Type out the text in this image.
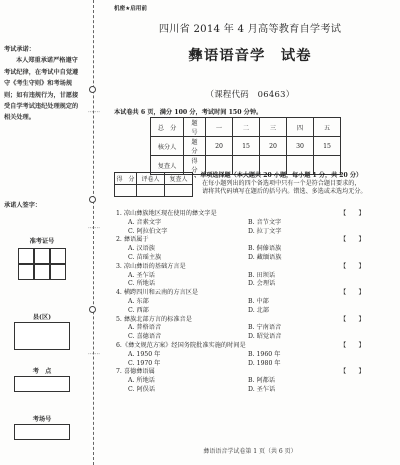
考试承诺：
本人郑重承诺严格遵守考试纪律，在考试中自觉遵守《考生守则》和考场规则；如有违规行为，甘愿接受自学考试违纪处理规定的相关处理。
承诺人签字：
准考证号
县(区)
考　点
考场号
·······
·······
·······
机密★启用前
四川省 2014 年 4 月高等教育自学考试
彝语语音学　试卷
（课程代码　06463）
本试卷共 6 页，满分 100 分，考试时间 150 分钟。
总　分	题　号	一	二	三	四	五
核分人	题　分	20	15	20	30	15
复查人	得　分					
得　分	评卷人	复查人

一、单项选择题（本大题共 20 小题，每小题 1 分，共 20 分）
在每小题列出的四个备选项中只有一个是符合题目要求的，
请将其代码填写在题后的括号内。错选、多选或未选均无分。
1. 凉山彝族地区现在使用的彝文字是	【　　】
A. 音素文字	B. 音节文字
C. 阿拉伯文字	D. 拉丁文字
2. 彝语属于	【　　】
A. 汉语族	B. 侗傣语族
C. 苗瑶主族	D. 藏缅语族
3. 凉山彝语的基础方言是	【　　】
A. 圣乍话	B. 田坝话
C. 所地话	D. 会理话
4. 横跨四川和云南的方言区是	【　　】
A. 东部	B. 中部
C. 西部	D. 北部
5. 彝族北部方言的标准音是	【　　】
A. 普格语音	B. 宁南语音
C. 喜德语音	D. 昭觉语音
6.《彝文规范方案》经国务院批准实施的时间是	【　　】
A. 1950 年	B. 1960 年
C. 1970 年	D. 1980 年
7. 喜德彝语属	【　　】
A. 所地话	B. 阿都话
C. 阿俣话	D. 圣乍话
彝语语音学试卷第 1 页（共 6 页）
